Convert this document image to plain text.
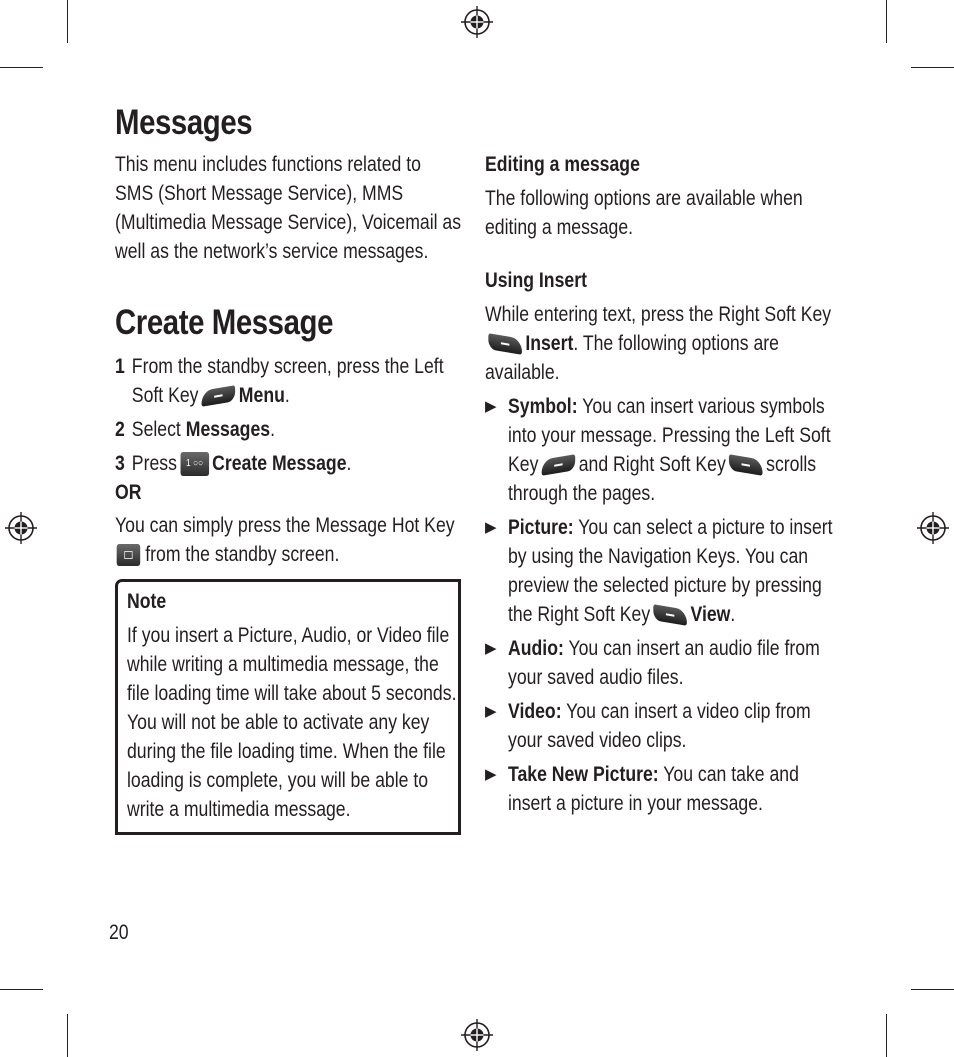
Messages

This menu includes functions related to SMS (Short Message Service), MMS (Multimedia Message Service), Voicemail as well as the network’s service messages.

Create Message
1 From the standby screen, press the Left Soft Key Menu.
2 Select Messages.
3 Press 1 ○○ Create Message.
OR

You can simply press the Message Hot Key from the standby screen.

Note

If you insert a Picture, Audio, or Video file while writing a multimedia message, the file loading time will take about 5 seconds. You will not be able to activate any key during the file loading time. When the file loading is complete, you will be able to write a multimedia message.

Editing a message

The following options are available when editing a message.

Using Insert

While entering text, press the Right Soft KeyInsert. The following options are available.

▶ Symbol: You can insert various symbols into your message. Pressing the Left Soft Key and Right Soft Key scrolls through the pages.

▶ Picture: You can select a picture to insert by using the Navigation Keys. You can preview the selected picture by pressing the Right Soft Key View.

▶ Audio: You can insert an audio file from your saved audio files.

▶ Video: You can insert a video clip from your saved video clips.

▶ Take New Picture: You can take and insert a picture in your message.

20
